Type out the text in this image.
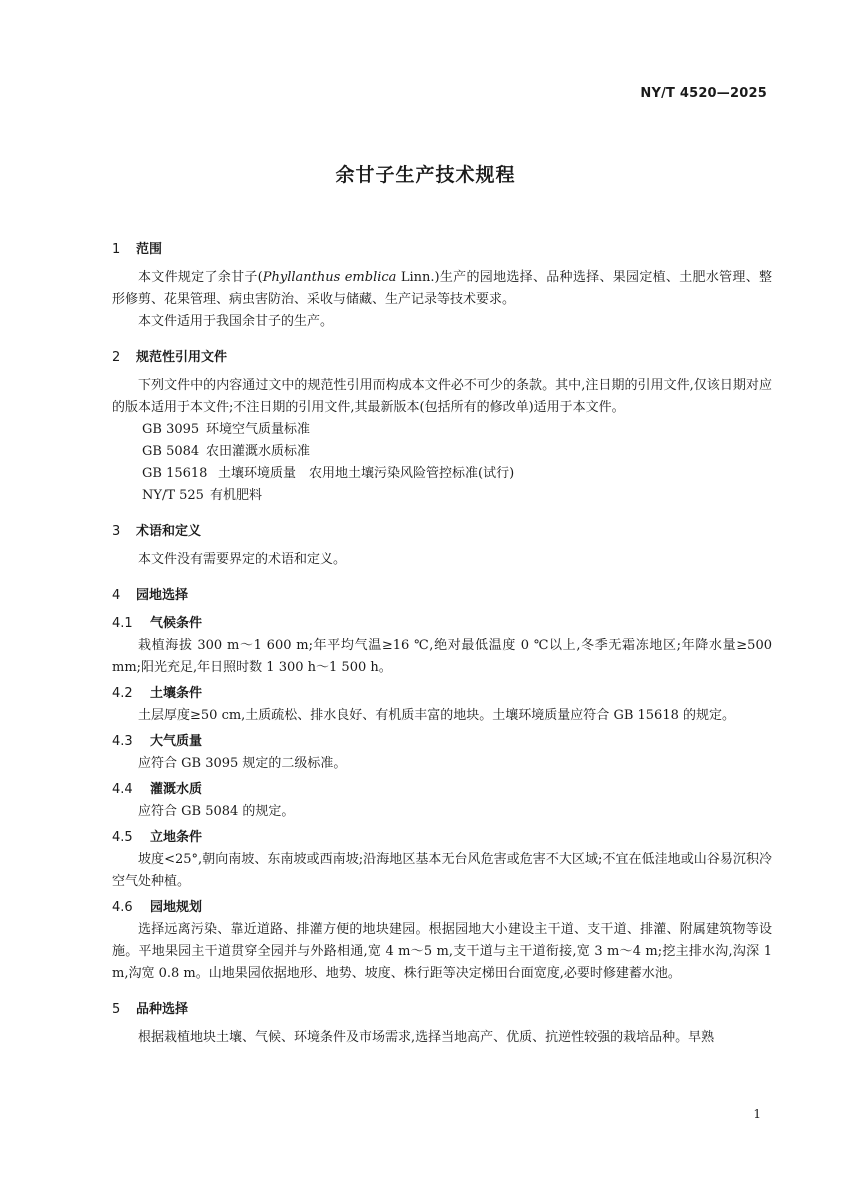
NY/T 4520—2025
余甘子生产技术规程
1	范围

本文件规定了余甘子(Phyllanthus emblica Linn.)生产的园地选择、品种选择、果园定植、土肥水管理、整形修剪、花果管理、病虫害防治、采收与储藏、生产记录等技术要求。

本文件适用于我国余甘子的生产。

2	规范性引用文件

下列文件中的内容通过文中的规范性引用而构成本文件必不可少的条款。其中,注日期的引用文件,仅该日期对应的版本适用于本文件;不注日期的引用文件,其最新版本(包括所有的修改单)适用于本文件。

GB 3095 环境空气质量标准

GB 5084 农田灌溉水质标准

GB 15618 土壤环境质量　农用地土壤污染风险管控标准(试行)

NY/T 525 有机肥料

3	术语和定义

本文件没有需要界定的术语和定义。

4	园地选择
4.1	气候条件

栽植海拔 300 m～1 600 m;年平均气温≥16 ℃,绝对最低温度 0 ℃以上,冬季无霜冻地区;年降水量≥500 mm;阳光充足,年日照时数 1 300 h～1 500 h。

4.2	土壤条件

土层厚度≥50 cm,土质疏松、排水良好、有机质丰富的地块。土壤环境质量应符合 GB 15618 的规定。

4.3	大气质量

应符合 GB 3095 规定的二级标准。

4.4	灌溉水质

应符合 GB 5084 的规定。

4.5	立地条件

坡度<25°,朝向南坡、东南坡或西南坡;沿海地区基本无台风危害或危害不大区域;不宜在低洼地或山谷易沉积冷空气处种植。

4.6	园地规划

选择远离污染、靠近道路、排灌方便的地块建园。根据园地大小建设主干道、支干道、排灌、附属建筑物等设施。平地果园主干道贯穿全园并与外路相通,宽 4 m～5 m,支干道与主干道衔接,宽 3 m～4 m;挖主排水沟,沟深 1 m,沟宽 0.8 m。山地果园依据地形、地势、坡度、株行距等决定梯田台面宽度,必要时修建蓄水池。

5	品种选择

根据栽植地块土壤、气候、环境条件及市场需求,选择当地高产、优质、抗逆性较强的栽培品种。早熟

1
